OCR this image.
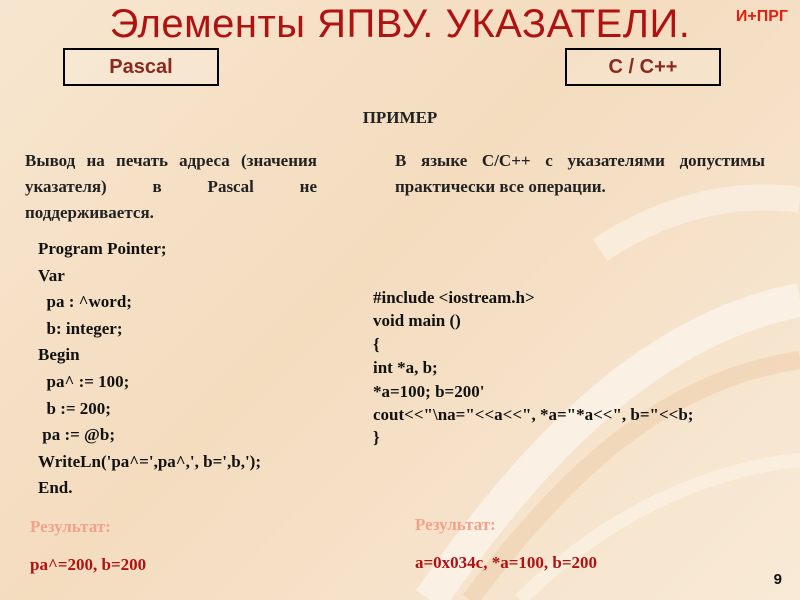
Элементы ЯПВУ. УКАЗАТЕЛИ.	И+ПРГ
Pascal	C / C++
ПРИМЕР
Вывод на печать адреса (значения указателя) в Pascal не поддерживается.
В языке С/С++ с указателями допустимы практически все операции.
Program Pointer;
Var
pa : ^word;
b: integer;
Begin
pa^ := 100;
b := 200;
pa := @b;
WriteLn('pa^=',pa^,', b=',b,');
End.
#include <iostream.h>
void main ()
{
int *a, b;
*a=100; b=200'
cout<<"\na="<<a<<", *a="*a<<", b="<<b;
}
Результат:	Результат:
pa^=200, b=200	a=0x034c, *a=100, b=200
9
